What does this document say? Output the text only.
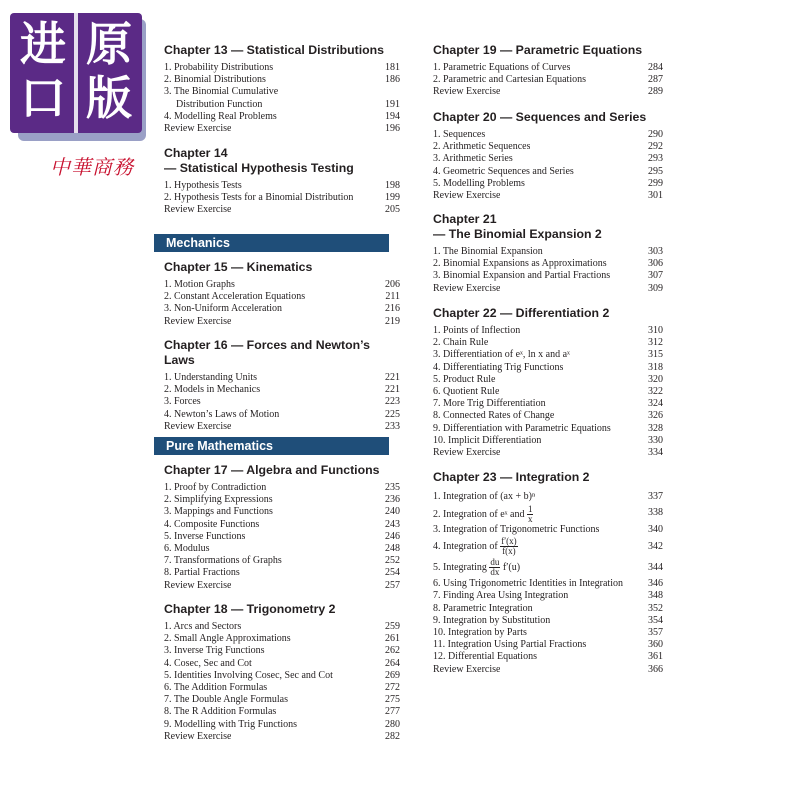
进 原
口 版
中華商務
Chapter 13 — Statistical Distributions
1. Probability Distributions	181
2. Binomial Distributions	186
3. The Binomial Cumulative
Distribution Function	191
4. Modelling Real Problems	194
Review Exercise	196
Chapter 14
— Statistical Hypothesis Testing
1. Hypothesis Tests	198
2. Hypothesis Tests for a Binomial Distribution	199
Review Exercise	205
Mechanics
Chapter 15 — Kinematics
1. Motion Graphs	206
2. Constant Acceleration Equations	211
3. Non-Uniform Acceleration	216
Review Exercise	219
Chapter 16 — Forces and Newton’s Laws
1. Understanding Units	221
2. Models in Mechanics	221
3. Forces	223
4. Newton’s Laws of Motion	225
Review Exercise	233
Pure Mathematics
Chapter 17 — Algebra and Functions
1. Proof by Contradiction	235
2. Simplifying Expressions	236
3. Mappings and Functions	240
4. Composite Functions	243
5. Inverse Functions	246
6. Modulus	248
7. Transformations of Graphs	252
8. Partial Fractions	254
Review Exercise	257
Chapter 18 — Trigonometry 2
1. Arcs and Sectors	259
2. Small Angle Approximations	261
3. Inverse Trig Functions	262
4. Cosec, Sec and Cot	264
5. Identities Involving Cosec, Sec and Cot	269
6. The Addition Formulas	272
7. The Double Angle Formulas	275
8. The R Addition Formulas	277
9. Modelling with Trig Functions	280
Review Exercise	282
Chapter 19 — Parametric Equations
1. Parametric Equations of Curves	284
2. Parametric and Cartesian Equations	287
Review Exercise	289
Chapter 20 — Sequences and Series
1. Sequences	290
2. Arithmetic Sequences	292
3. Arithmetic Series	293
4. Geometric Sequences and Series	295
5. Modelling Problems	299
Review Exercise	301
Chapter 21
— The Binomial Expansion 2
1. The Binomial Expansion	303
2. Binomial Expansions as Approximations	306
3. Binomial Expansion and Partial Fractions	307
Review Exercise	309
Chapter 22 — Differentiation 2
1. Points of Inflection	310
2. Chain Rule	312
3. Differentiation of eˣ, ln x and aˣ	315
4. Differentiating Trig Functions	318
5. Product Rule	320
6. Quotient Rule	322
7. More Trig Differentiation	324
8. Connected Rates of Change	326
9. Differentiation with Parametric Equations	328
10. Implicit Differentiation	330
Review Exercise	334
Chapter 23 — Integration 2
1. Integration of (ax + b)ⁿ	337
2. Integration of eˣ and $\frac{1}{x}$	338
3. Integration of Trigonometric Functions	340
4. Integration of $\frac{f'(x)}{f(x)}$	342
5. Integrating $\frac{du}{dx} f'(u)$	344
6. Using Trigonometric Identities in Integration	346
7. Finding Area Using Integration	348
8. Parametric Integration	352
9. Integration by Substitution	354
10. Integration by Parts	357
11. Integration Using Partial Fractions	360
12. Differential Equations	361
Review Exercise	366
